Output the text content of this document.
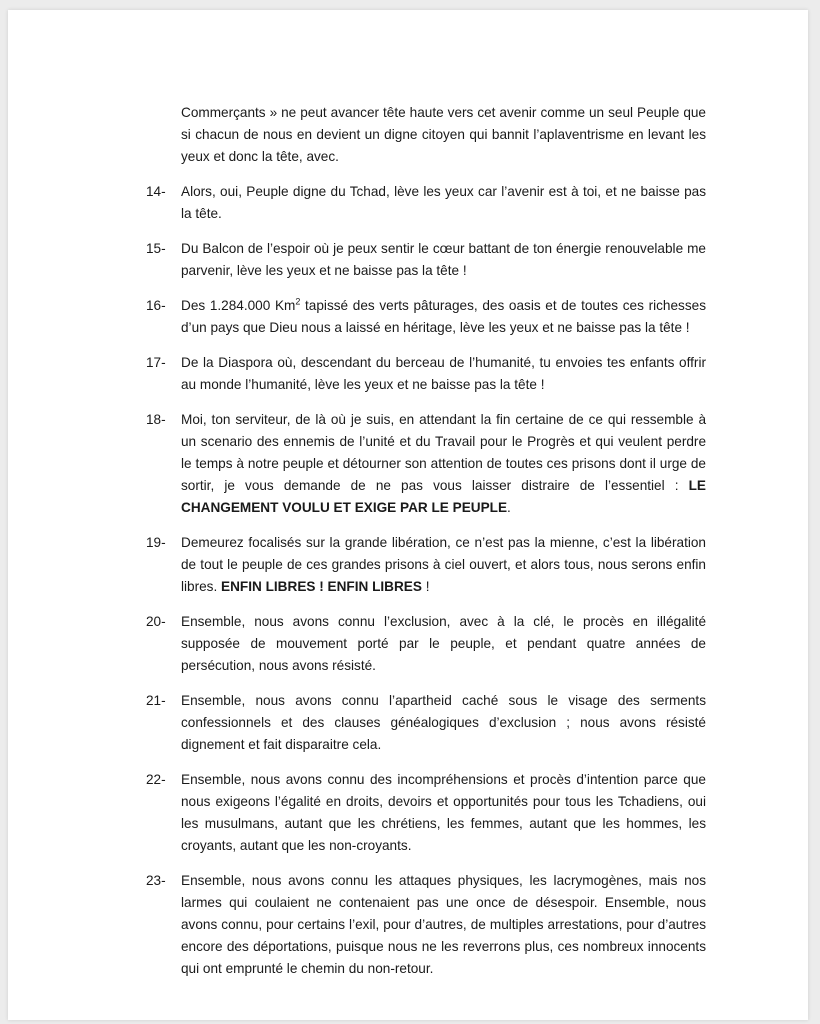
Commerçants » ne peut avancer tête haute vers cet avenir comme un seul Peuple que si chacun de nous en devient un digne citoyen qui bannit l’aplaventrisme en levant les yeux et donc la tête, avec.
14-	Alors, oui, Peuple digne du Tchad, lève les yeux car l’avenir est à toi, et ne baisse pas la tête.
15-	Du Balcon de l’espoir où je peux sentir le cœur battant de ton énergie renouvelable me parvenir, lève les yeux et ne baisse pas la tête !
16-	Des 1.284.000 Km$^2$ tapissé des verts pâturages, des oasis et de toutes ces richesses d’un pays que Dieu nous a laissé en héritage, lève les yeux et ne baisse pas la tête !
17-	De la Diaspora où, descendant du berceau de l’humanité, tu envoies tes enfants offrir au monde l’humanité, lève les yeux et ne baisse pas la tête !
18-	Moi, ton serviteur, de là où je suis, en attendant la fin certaine de ce qui ressemble à un scenario des ennemis de l’unité et du Travail pour le Progrès et qui veulent perdre le temps à notre peuple et détourner son attention de toutes ces prisons dont il urge de sortir, je vous demande de ne pas vous laisser distraire de l’essentiel : LE CHANGEMENT VOULU ET EXIGE PAR LE PEUPLE.
19-	Demeurez focalisés sur la grande libération, ce n’est pas la mienne, c’est la libération de tout le peuple de ces grandes prisons à ciel ouvert, et alors tous, nous serons enfin libres. ENFIN LIBRES ! ENFIN LIBRES !
20-	Ensemble, nous avons connu l’exclusion, avec à la clé, le procès en illégalité supposée de mouvement porté par le peuple, et pendant quatre années de persécution, nous avons résisté.
21-	Ensemble, nous avons connu l’apartheid caché sous le visage des serments confessionnels et des clauses généalogiques d’exclusion ; nous avons résisté dignement et fait disparaitre cela.
22-	Ensemble, nous avons connu des incompréhensions et procès d’intention parce que nous exigeons l’égalité en droits, devoirs et opportunités pour tous les Tchadiens, oui les musulmans, autant que les chrétiens, les femmes, autant que les hommes, les croyants, autant que les non-croyants.
23-	Ensemble, nous avons connu les attaques physiques, les lacrymogènes, mais nos larmes qui coulaient ne contenaient pas une once de désespoir. Ensemble, nous avons connu, pour certains l’exil, pour d’autres, de multiples arrestations, pour d’autres encore des déportations, puisque nous ne les reverrons plus, ces nombreux innocents qui ont emprunté le chemin du non-retour.
